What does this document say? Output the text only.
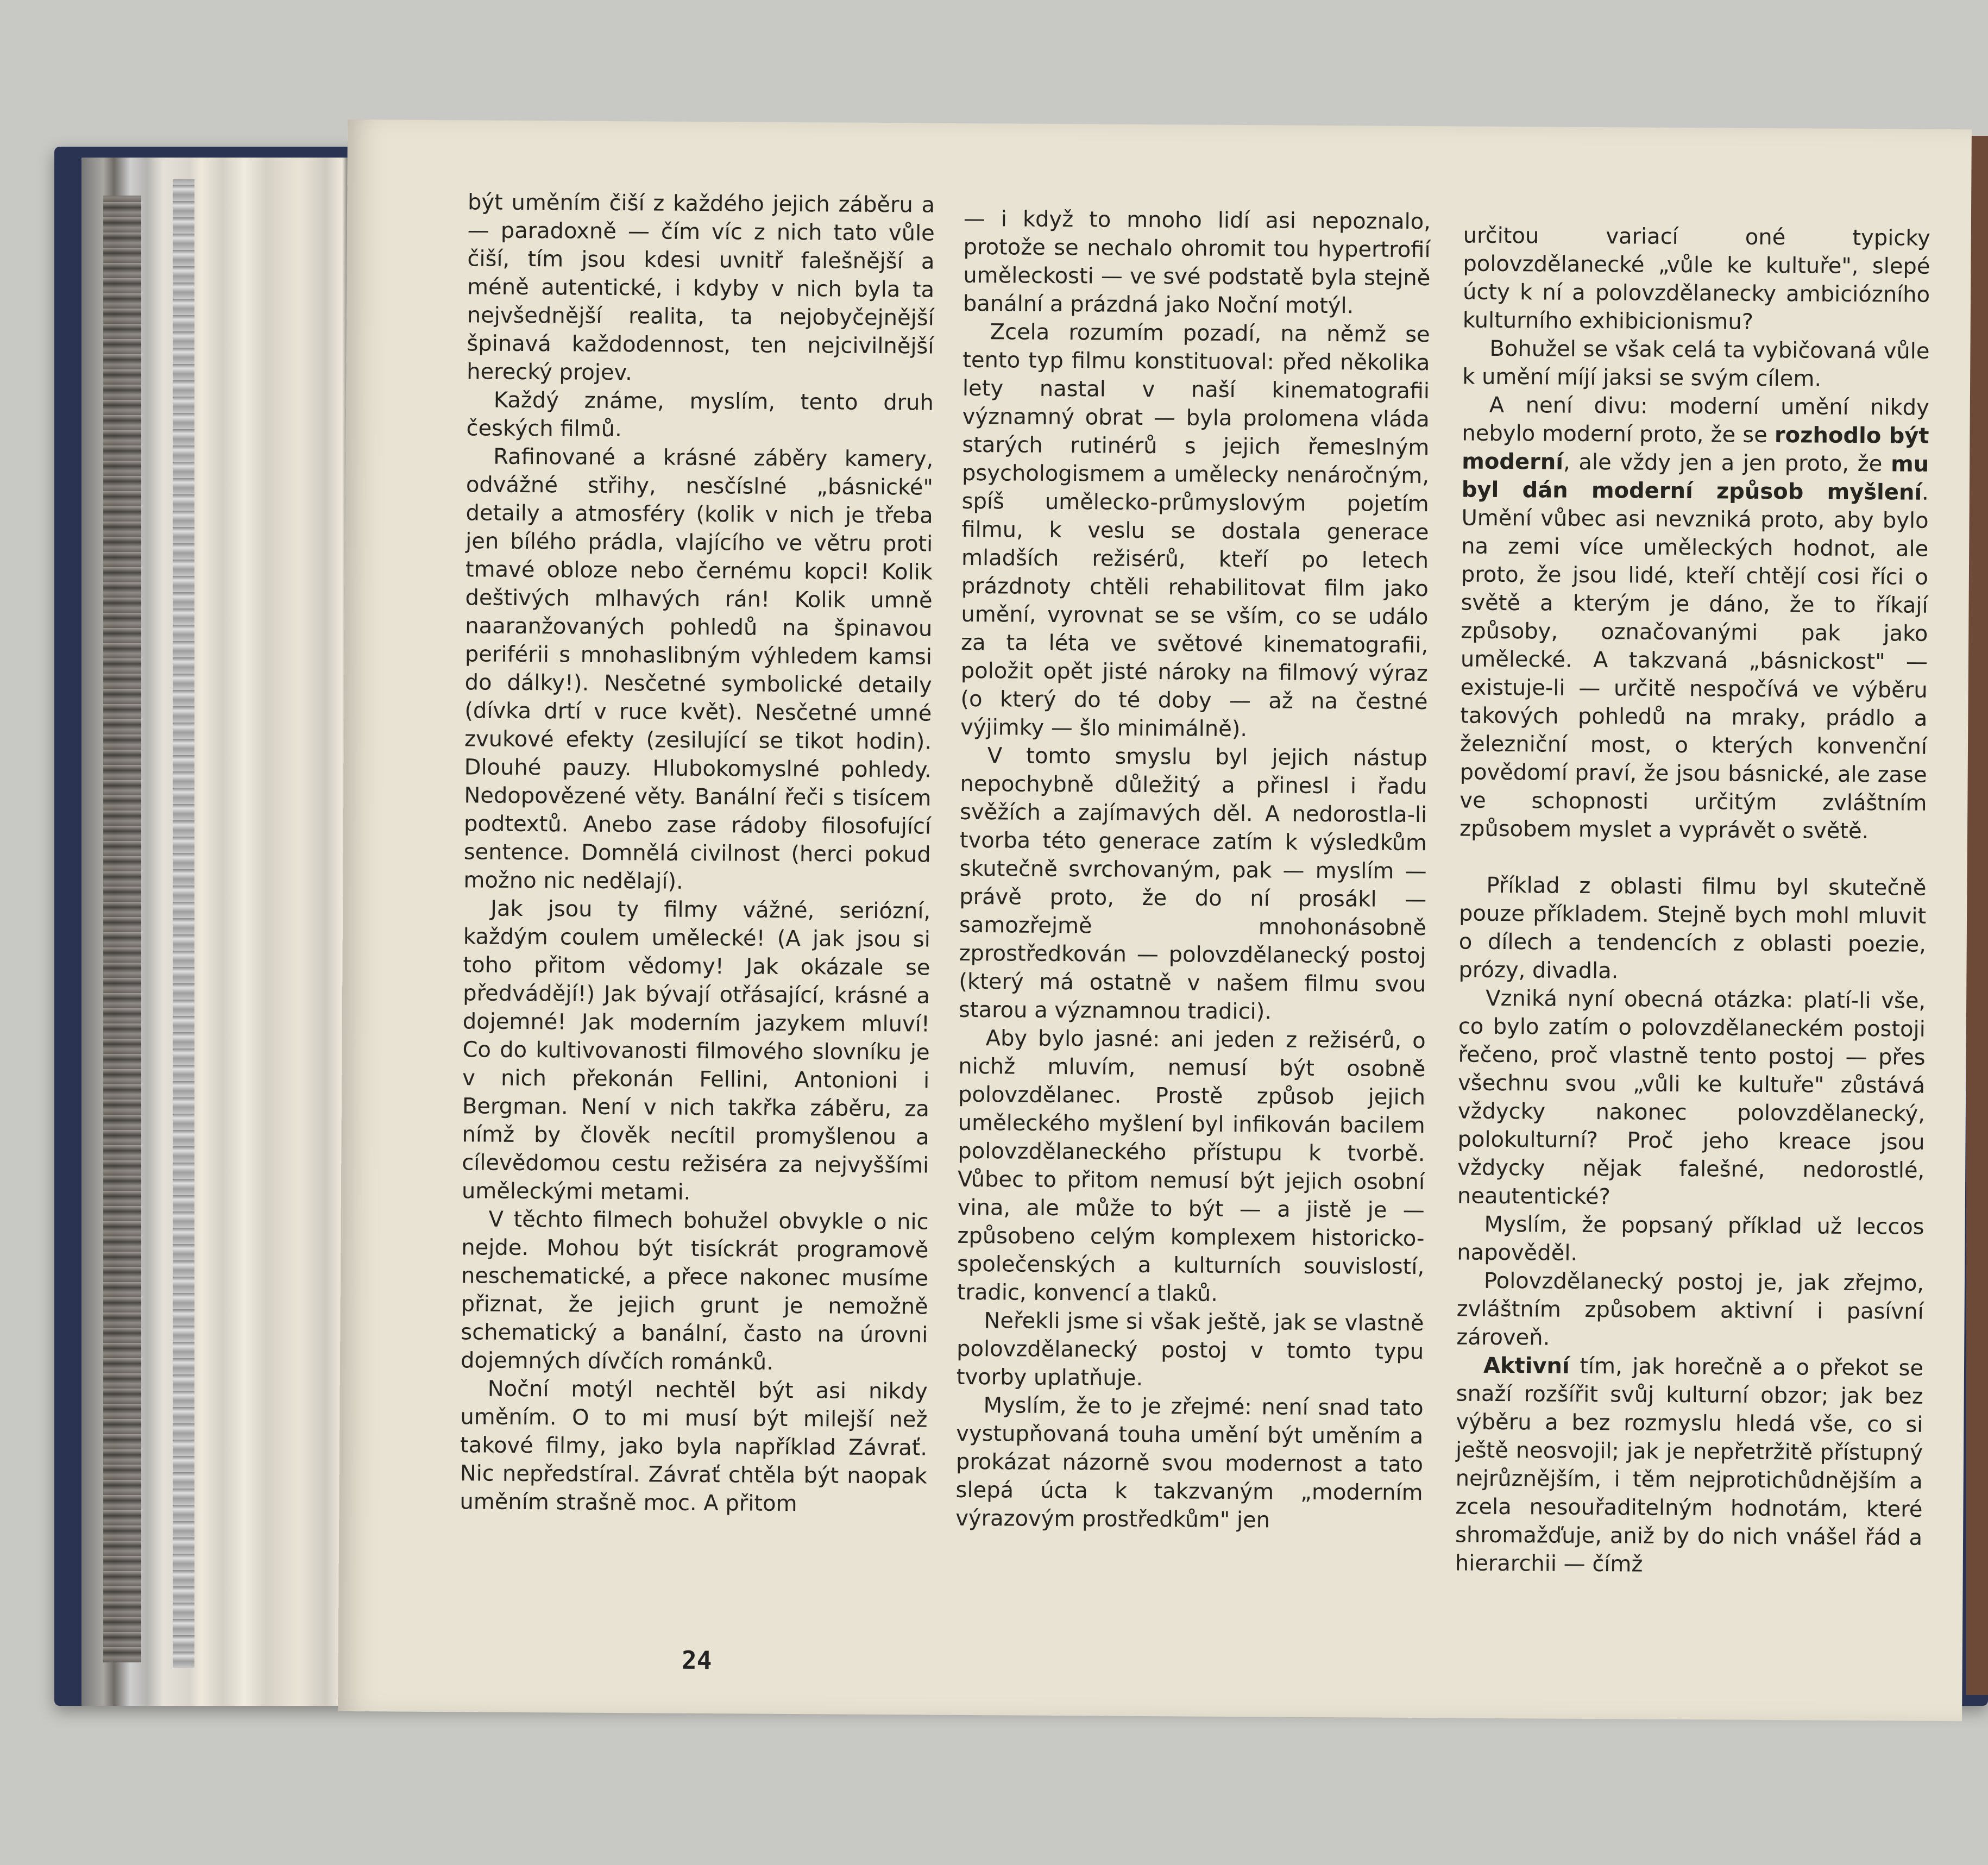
být uměním čiší z každého jejich záběru a — paradoxně — čím víc z nich tato vůle čiší, tím jsou kdesi uvnitř falešnější a méně autentické, i kdyby v nich byla ta nejvšednější realita, ta nejobyčejnější špinavá každodennost, ten nejcivilnější herecký projev.

Každý známe, myslím, tento druh českých filmů.

Rafinované a krásné záběry kamery, odvážné střihy, nesčíslné „básnické" detaily a atmosféry (kolik v nich je třeba jen bílého prádla, vlajícího ve větru proti tmavé obloze nebo černému kopci! Kolik deštivých mlhavých rán! Kolik umně naaranžovaných pohledů na špinavou periférii s mnohaslibným výhledem kamsi do dálky!). Nesčetné symbolické detaily (dívka drtí v ruce květ). Nesčetné umné zvukové efekty (zesilující se tikot hodin). Dlouhé pauzy. Hlubokomyslné pohledy. Nedopovězené věty. Banální řeči s tisícem podtextů. Anebo zase rádoby filosofující sentence. Domnělá civilnost (herci pokud možno nic nedělají).

Jak jsou ty filmy vážné, seriózní, každým coulem umělecké! (A jak jsou si toho přitom vědomy! Jak okázale se předvádějí!) Jak bývají otřásající, krásné a dojemné! Jak moderním jazykem mluví! Co do kultivovanosti filmového slovníku je v nich překonán Fellini, Antonioni i Bergman. Není v nich takřka záběru, za nímž by člověk necítil promyšlenou a cílevědomou cestu režiséra za nejvyššími uměleckými metami.

V těchto filmech bohužel obvykle o nic nejde. Mohou být tisíckrát programově neschematické, a přece nakonec musíme přiznat, že jejich grunt je nemožně schematický a banální, často na úrovni dojemných dívčích románků.

Noční motýl nechtěl být asi nikdy uměním. O to mi musí být milejší než takové filmy, jako byla například Závrať. Nic nepředstíral. Závrať chtěla být naopak uměním strašně moc. A přitom

— i když to mnoho lidí asi nepoznalo, protože se nechalo ohromit tou hypertrofií uměleckosti — ve své podstatě byla stejně banální a prázdná jako Noční motýl.

Zcela rozumím pozadí, na němž se tento typ filmu konstituoval: před několika lety nastal v naší kinematografii významný obrat — byla prolomena vláda starých rutinérů s jejich řemeslným psychologismem a umělecky nenáročným, spíš umělecko-průmyslovým pojetím filmu, k veslu se dostala generace mladších režisérů, kteří po letech prázdnoty chtěli rehabilitovat film jako umění, vyrovnat se se vším, co se událo za ta léta ve světové kinematografii, položit opět jisté nároky na filmový výraz (o který do té doby — až na čestné výjimky — šlo minimálně).

V tomto smyslu byl jejich nástup nepochybně důležitý a přinesl i řadu svěžích a zajímavých děl. A nedorostla-li tvorba této generace zatím k výsledkům skutečně svrchovaným, pak — myslím — právě proto, že do ní prosákl — samozřejmě mnohonásobně zprostředkován — polovzdělanecký postoj (který má ostatně v našem filmu svou starou a významnou tradici).

Aby bylo jasné: ani jeden z režisérů, o nichž mluvím, nemusí být osobně polovzdělanec. Prostě způsob jejich uměleckého myšlení byl infikován bacilem polovzdělaneckého přístupu k tvorbě. Vůbec to přitom nemusí být jejich osobní vina, ale může to být — a jistě je — způsobeno celým komplexem historicko-společenských a kulturních souvislostí, tradic, konvencí a tlaků.

Neřekli jsme si však ještě, jak se vlastně polovzdělanecký postoj v tomto typu tvorby uplatňuje.

Myslím, že to je zřejmé: není snad tato vystupňovaná touha umění být uměním a prokázat názorně svou modernost a tato slepá úcta k takzvaným „moderním výrazovým prostředkům" jen

určitou variací oné typicky polovzdělanecké „vůle ke kultuře", slepé úcty k ní a polovzdělanecky ambiciózního kulturního exhibicionismu?

Bohužel se však celá ta vybičovaná vůle k umění míjí jaksi se svým cílem.

A není divu: moderní umění nikdy nebylo moderní proto, že se rozhodlo být moderní, ale vždy jen a jen proto, že mu byl dán moderní způsob myšlení. Umění vůbec asi nevzniká proto, aby bylo na zemi více uměleckých hodnot, ale proto, že jsou lidé, kteří chtějí cosi říci o světě a kterým je dáno, že to říkají způsoby, označovanými pak jako umělecké. A takzvaná „básnickost" — existuje-li — určitě nespočívá ve výběru takových pohledů na mraky, prádlo a železniční most, o kterých konvenční povědomí praví, že jsou básnické, ale zase ve schopnosti určitým zvláštním způsobem myslet a vyprávět o světě.

Příklad z oblasti filmu byl skutečně pouze příkladem. Stejně bych mohl mluvit o dílech a tendencích z oblasti poezie, prózy, divadla.

Vzniká nyní obecná otázka: platí-li vše, co bylo zatím o polovzdělaneckém postoji řečeno, proč vlastně tento postoj — přes všechnu svou „vůli ke kultuře" zůstává vždycky nakonec polovzdělanecký, polokulturní? Proč jeho kreace jsou vždycky nějak falešné, nedorostlé, neautentické?

Myslím, že popsaný příklad už leccos napověděl.

Polovzdělanecký postoj je, jak zřejmo, zvláštním způsobem aktivní i pasívní zároveň.

Aktivní tím, jak horečně a o překot se snaží rozšířit svůj kulturní obzor; jak bez výběru a bez rozmyslu hledá vše, co si ještě neosvojil; jak je nepřetržitě přístupný nejrůznějším, i těm nejprotichůdnějším a zcela nesouřaditelným hodnotám, které shromažďuje, aniž by do nich vnášel řád a hierarchii — čímž

24
